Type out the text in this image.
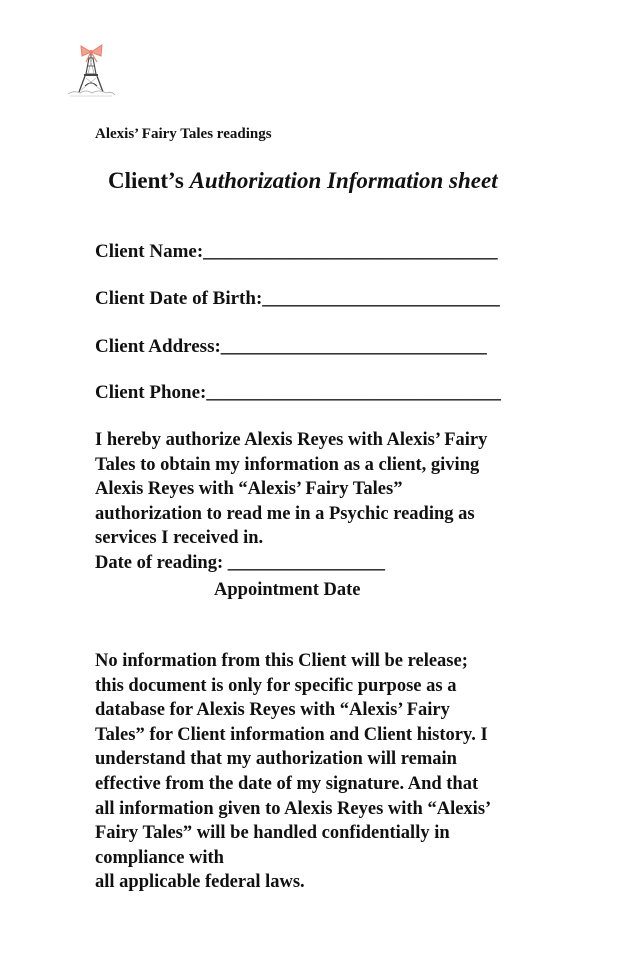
Alexis’ Fairy Tales readings
Client’s Authorization Information sheet
Client Name:_______________________________
Client Date of Birth:_________________________
Client Address:____________________________
Client Phone:_______________________________
I hereby authorize Alexis Reyes with Alexis’ Fairy
Tales to obtain my information as a client, giving
Alexis Reyes with “Alexis’ Fairy Tales”
authorization to read me in a Psychic reading as
services I received in.
Date of reading: _________________
Appointment Date
No information from this Client will be release;
this document is only for specific purpose as a
database for Alexis Reyes with “Alexis’ Fairy
Tales” for Client information and Client history. I
understand that my authorization will remain
effective from the date of my signature. And that
all information given to Alexis Reyes with “Alexis’
Fairy Tales” will be handled confidentially in
compliance with
all applicable federal laws.
